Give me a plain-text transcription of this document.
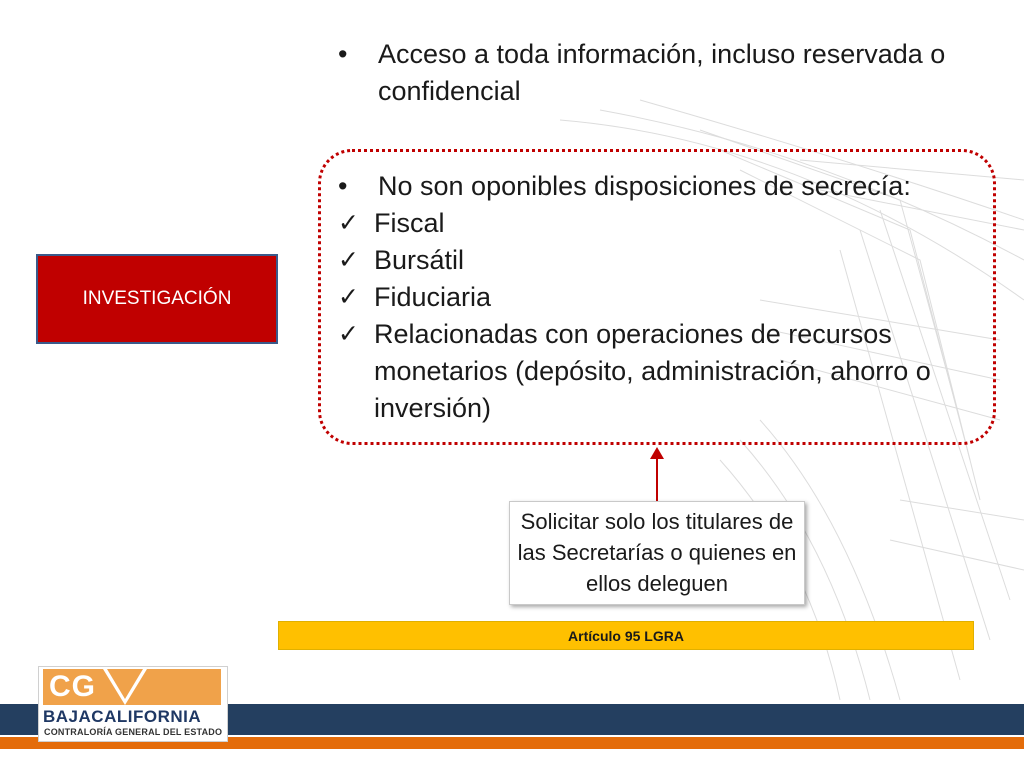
•	Acceso a toda información, incluso reservada o confidencial
•	No son oponibles disposiciones de secrecía:
✓ Fiscal
✓ Bursátil
✓ Fiduciaria
✓ Relacionadas con operaciones de recursos monetarios (depósito, administración, ahorro o inversión)
INVESTIGACIÓN
Solicitar solo los titulares de las Secretarías o quienes en ellos deleguen
Artículo 95 LGRA
CG
BAJACALIFORNIA
CONTRALORÍA GENERAL DEL ESTADO
